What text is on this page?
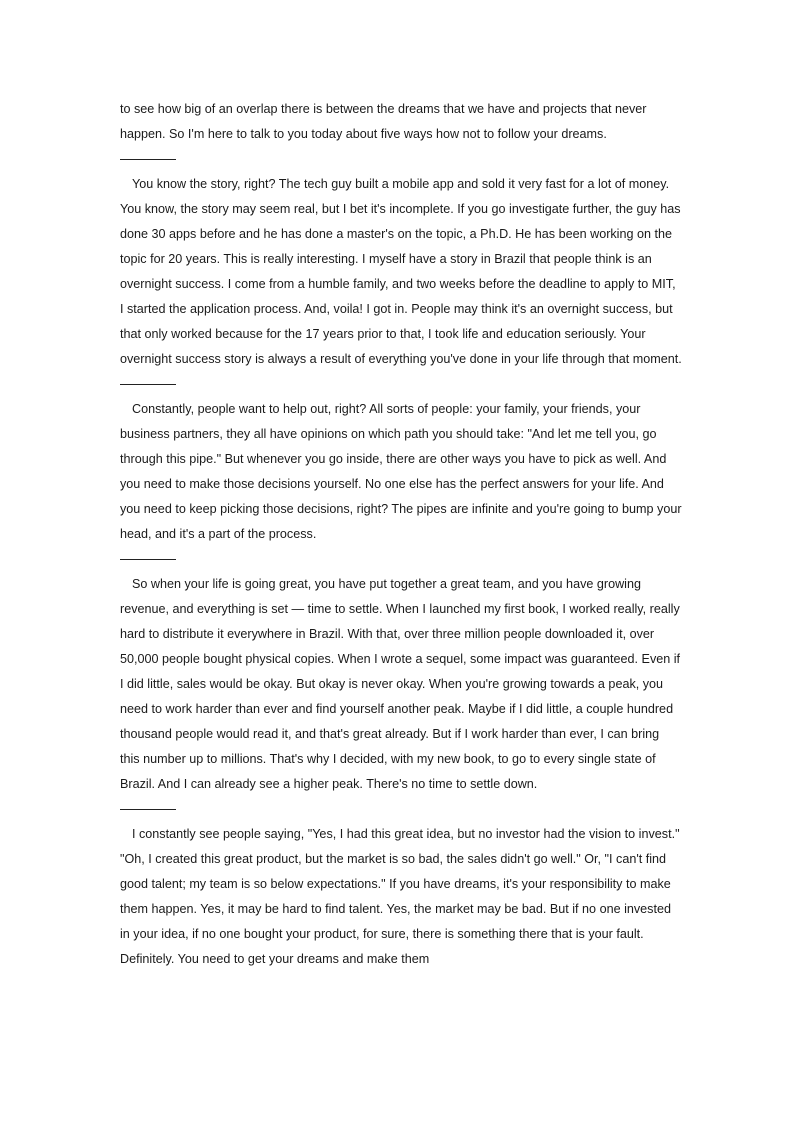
to see how big of an overlap there is between the dreams that we have and projects that never happen. So I'm here to talk to you today about five ways how not to follow your dreams.

You know the story, right? The tech guy built a mobile app and sold it very fast for a lot of money. You know, the story may seem real, but I bet it's incomplete. If you go investigate further, the guy has done 30 apps before and he has done a master's on the topic, a Ph.D. He has been working on the topic for 20 years. This is really interesting. I myself have a story in Brazil that people think is an overnight success. I come from a humble family, and two weeks before the deadline to apply to MIT, I started the application process. And, voila! I got in. People may think it's an overnight success, but that only worked because for the 17 years prior to that, I took life and education seriously. Your overnight success story is always a result of everything you've done in your life through that moment.

Constantly, people want to help out, right? All sorts of people: your family, your friends, your business partners, they all have opinions on which path you should take: "And let me tell you, go through this pipe." But whenever you go inside, there are other ways you have to pick as well. And you need to make those decisions yourself. No one else has the perfect answers for your life. And you need to keep picking those decisions, right? The pipes are infinite and you're going to bump your head, and it's a part of the process.

So when your life is going great, you have put together a great team, and you have growing revenue, and everything is set — time to settle. When I launched my first book, I worked really, really hard to distribute it everywhere in Brazil. With that, over three million people downloaded it, over 50,000 people bought physical copies. When I wrote a sequel, some impact was guaranteed. Even if I did little, sales would be okay. But okay is never okay. When you're growing towards a peak, you need to work harder than ever and find yourself another peak. Maybe if I did little, a couple hundred thousand people would read it, and that's great already. But if I work harder than ever, I can bring this number up to millions. That's why I decided, with my new book, to go to every single state of Brazil. And I can already see a higher peak. There's no time to settle down.

I constantly see people saying, "Yes, I had this great idea, but no investor had the vision to invest." "Oh, I created this great product, but the market is so bad, the sales didn't go well." Or, "I can't find good talent; my team is so below expectations." If you have dreams, it's your responsibility to make them happen. Yes, it may be hard to find talent. Yes, the market may be bad. But if no one invested in your idea, if no one bought your product, for sure, there is something there that is your fault. Definitely. You need to get your dreams and make them
